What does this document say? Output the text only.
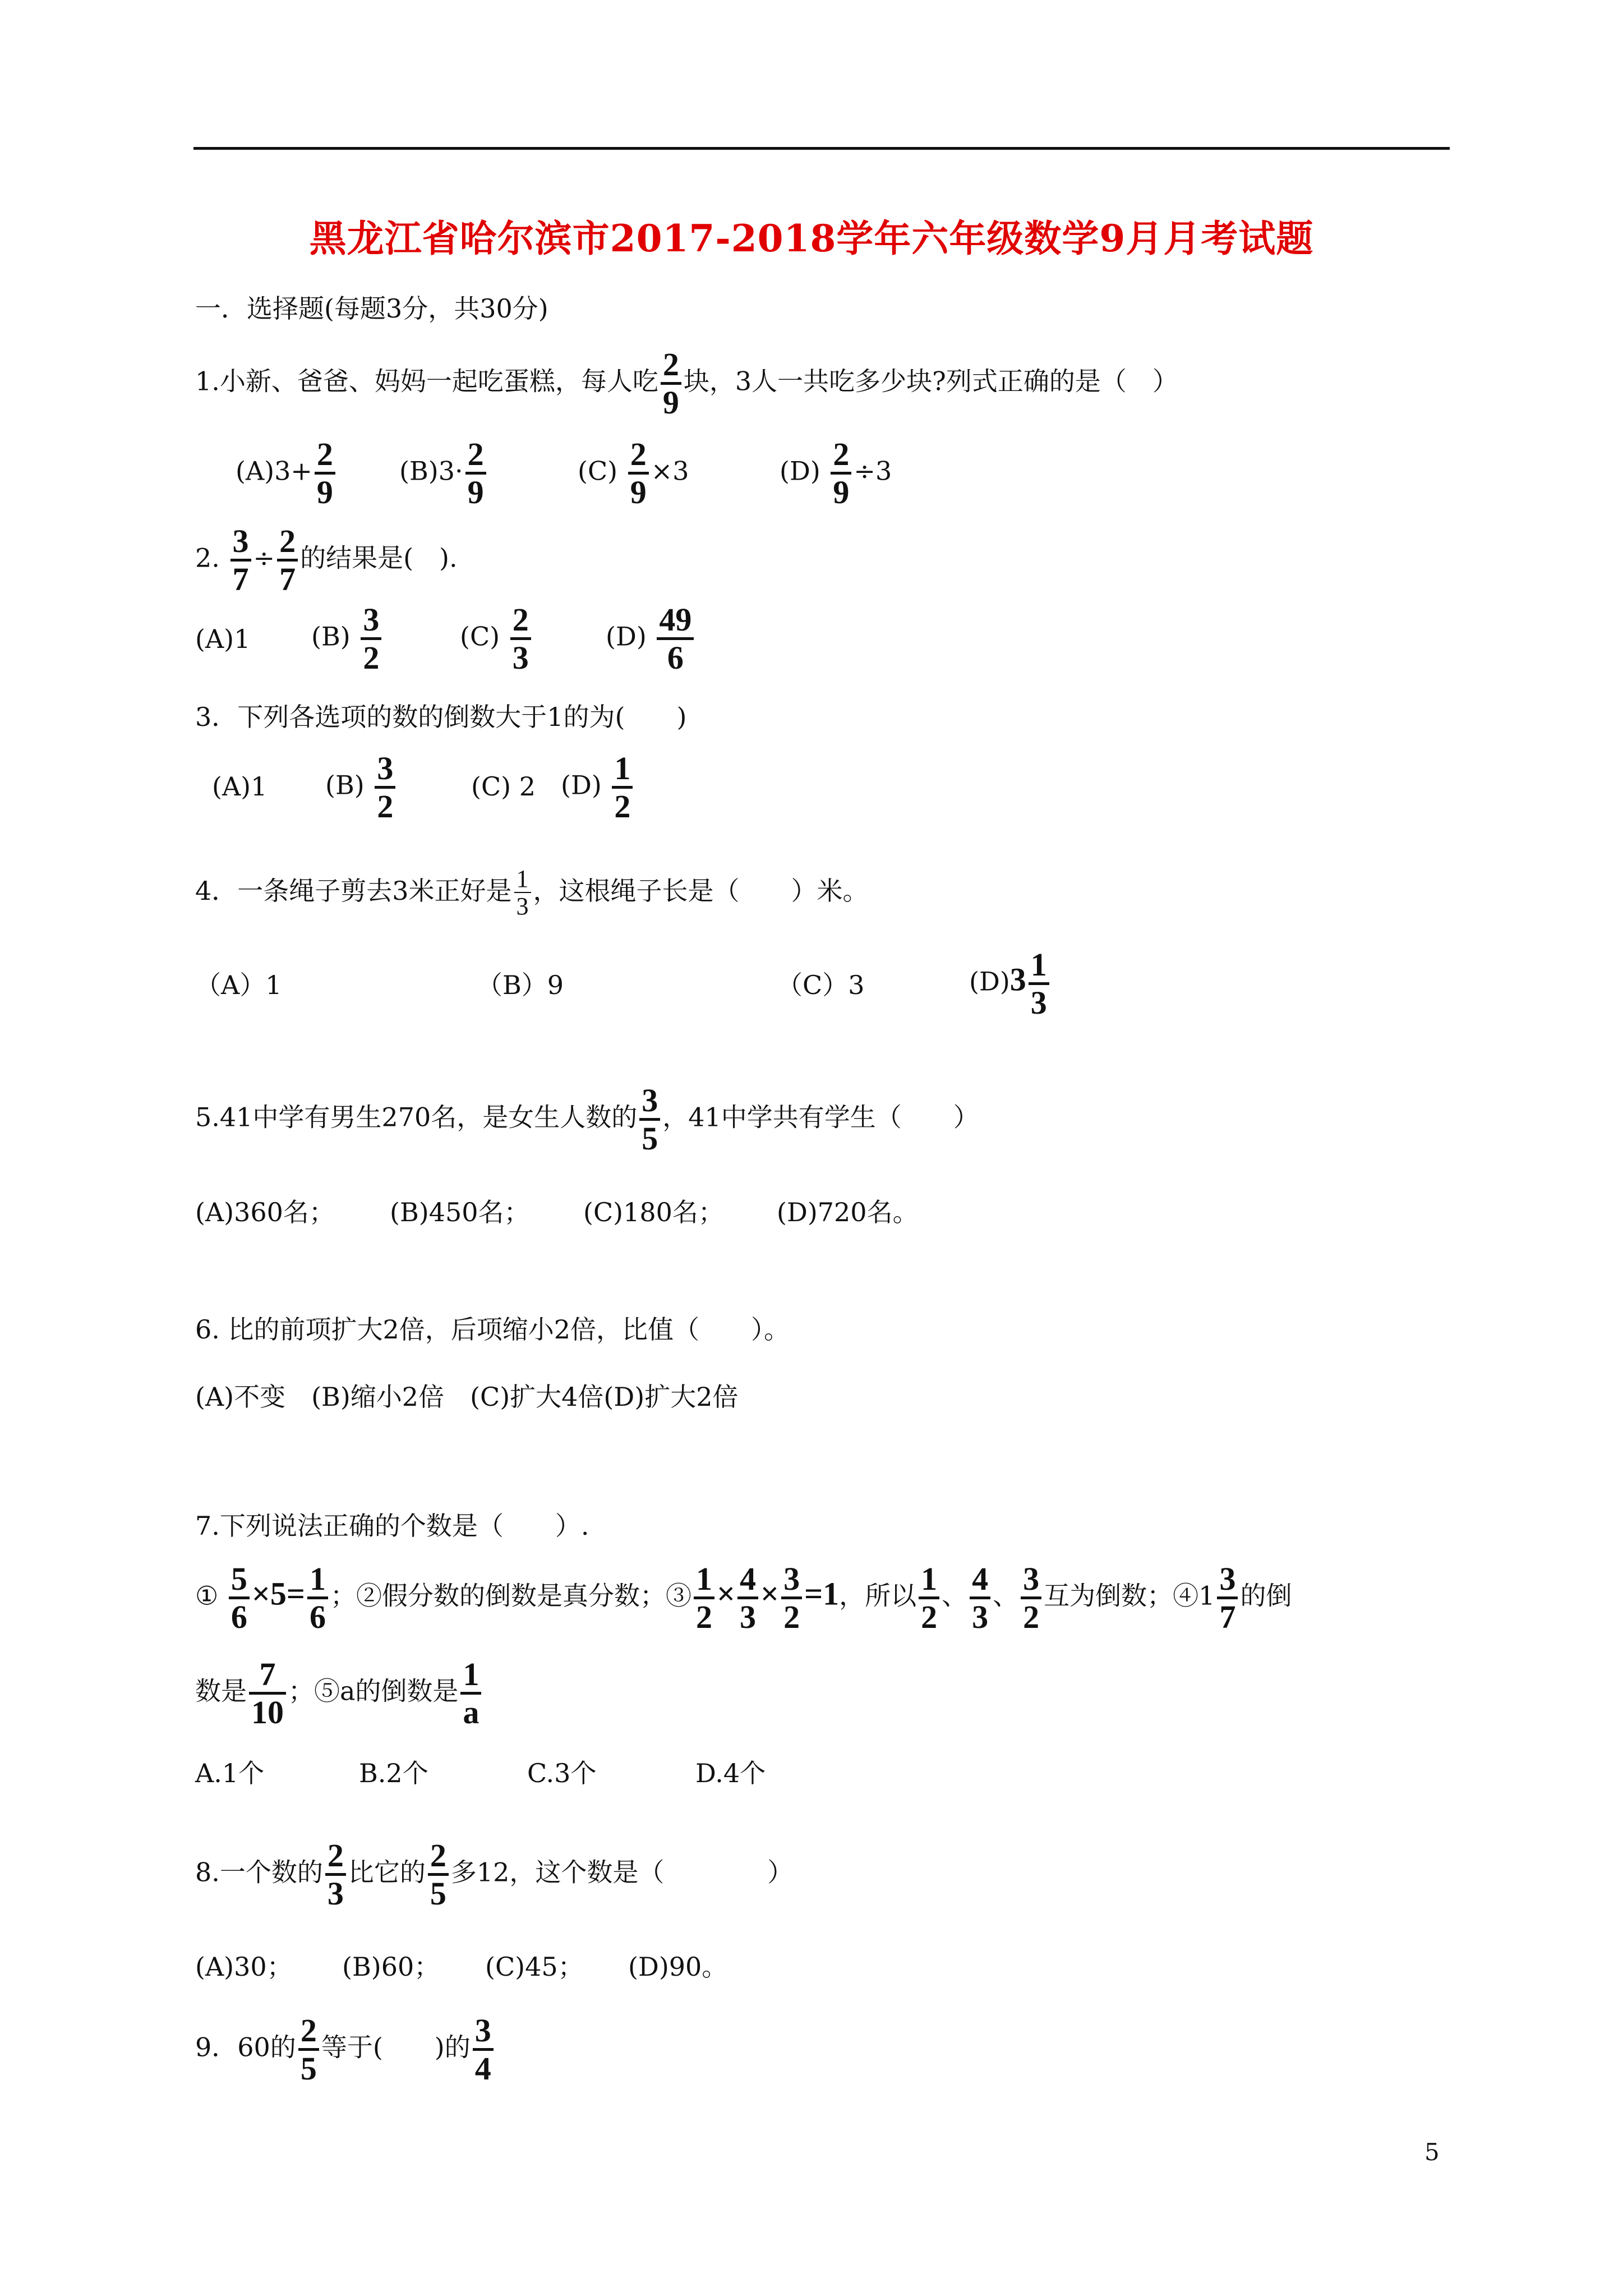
黑龙江省哈尔滨市2017-2018学年六年级数学9月月考试题
一．选择题(每题3分，共30分)
1.小新、爸爸、妈妈一起吃蛋糕，每人吃 $\frac{2}{9}$ 块，3人一共吃多少块?列式正确的是（　）
$(A)3+ \frac{2}{9} (B)3\cdot \frac{2}{9}$	$(C) \frac{2}{9} \times 3$	$(D) \frac{2}{9} \div 3$
2. $\frac{3}{7} \div \frac{2}{7}$ 的结果是(　).
(A)1 $(B) \frac{3}{2}$	$(C) \frac{2}{3}$	$(D) \frac{49}{6}$
3．下列各选项的数的倒数大于1的为(　　)
(A)1 $(B) \frac{3}{2}$	(C) 2 $(D) \frac{1}{2}$
4．一条绳子剪去3米正好是 $\frac{1}{3}$ ，这根绳子长是（　　）米。
（A）1	（B）9	（C）3	$(D)3 \frac{1}{3}$
5.41中学有男生270名，是女生人数的 $\frac{3}{5}$ ，41中学共有学生（　　）
(A)360名； (B)450名； (C)180名； (D)720名。
6. 比的前项扩大2倍，后项缩小2倍，比值（　　）。
(A)不变　(B)缩小2倍　(C)扩大4倍(D)扩大2倍
7.下列说法正确的个数是（　　）.
① $\frac{5}{6} \times 5= \frac{1}{6}$ ；②假分数的倒数是真分数；③ $\frac{1}{2} \times \frac{4}{3} \times \frac{3}{2} =1$，所以 $\frac{1}{2}$ 、 $\frac{4}{3}$ 、 $\frac{3}{2}$ 互为倒数；④1 $\frac{3}{7}$ 的倒
数是 $\frac{7}{10}$ ；⑤a的倒数是 $\frac{1}{a}$
A.1个	B.2个	C.3个	D.4个
8.一个数的 $\frac{2}{3}$ 比它的 $\frac{2}{5}$ 多12，这个数是（　　　　）
(A)30； (B)60； (C)45； (D)90。
9．60的 $\frac{2}{5}$ 等于(　　)的 $\frac{3}{4}$
5
